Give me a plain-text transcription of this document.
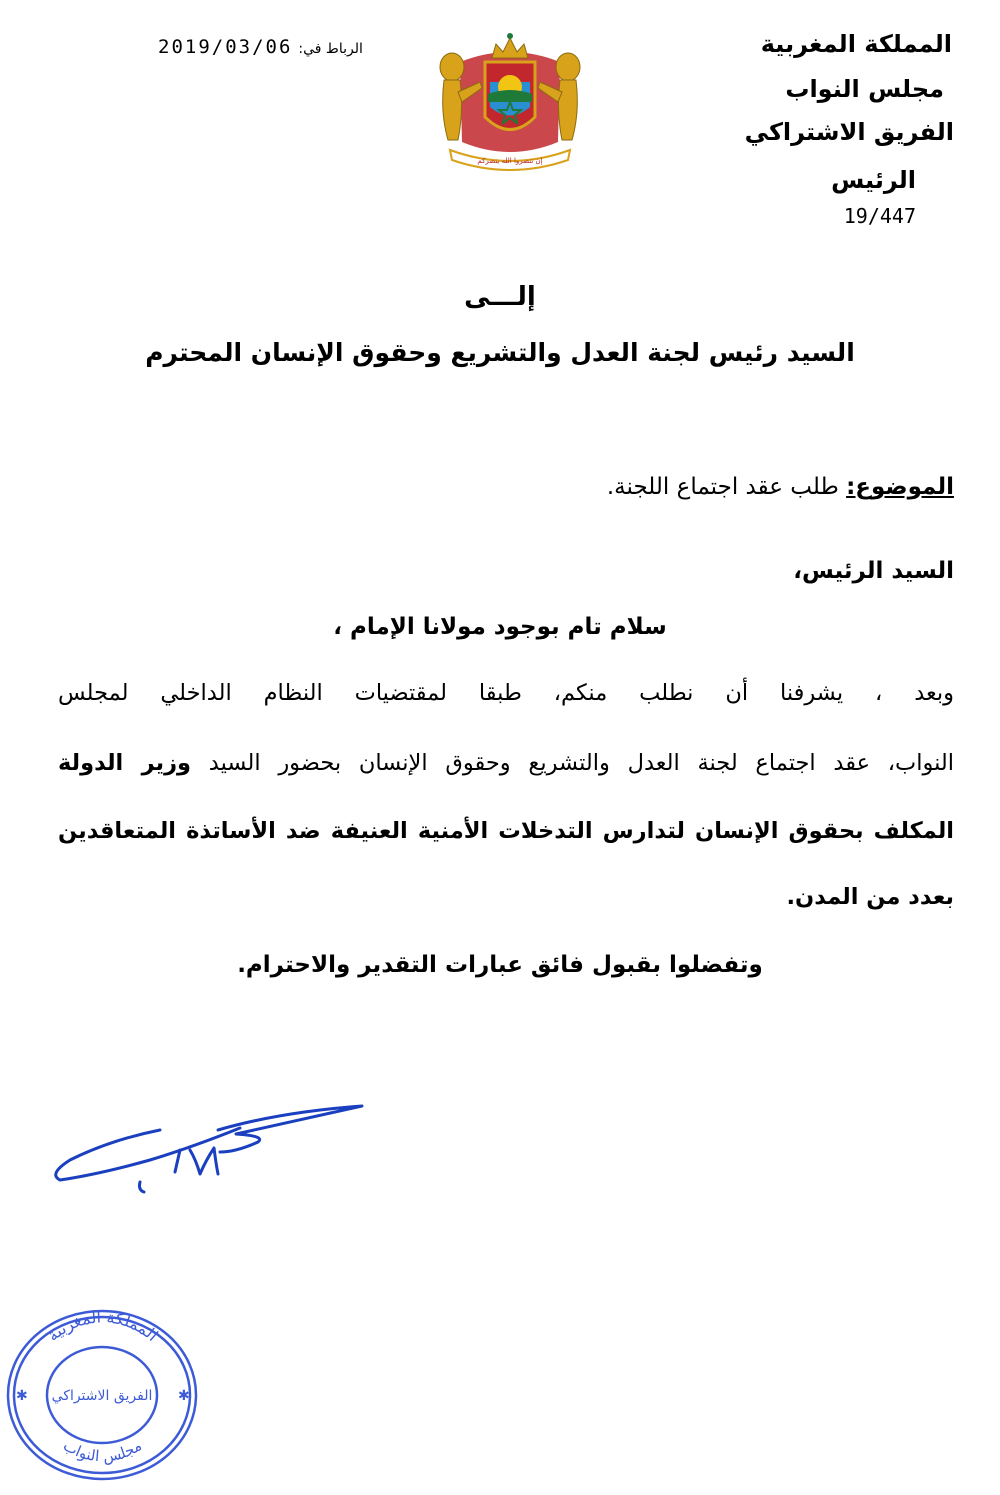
المملكة المغربية
مجلس النواب
الفريق الاشتراكي
الرئيس
19/447
2019/03/06 الرباط في:
إن تنصروا الله ينصركم
إلـــى
السيد رئيس لجنة العدل والتشريع وحقوق الإنسان المحترم
الموضوع: طلب عقد اجتماع اللجنة.
السيد الرئيس،
سلام تام بوجود مولانا الإمام ،
وبعد ، يشرفنا أن نطلب منكم، طبقا لمقتضيات النظام الداخلي لمجلس
النواب، عقد اجتماع لجنة العدل والتشريع وحقوق الإنسان بحضور السيد وزير الدولة
المكلف بحقوق الإنسان لتدارس التدخلات الأمنية العنيفة ضد الأساتذة المتعاقدين
بعدد من المدن.
وتفضلوا بقبول فائق عبارات التقدير والاحترام.
المملكة المغربية
الفريق الاشتراكي
مجلس النواب
✱	✱
